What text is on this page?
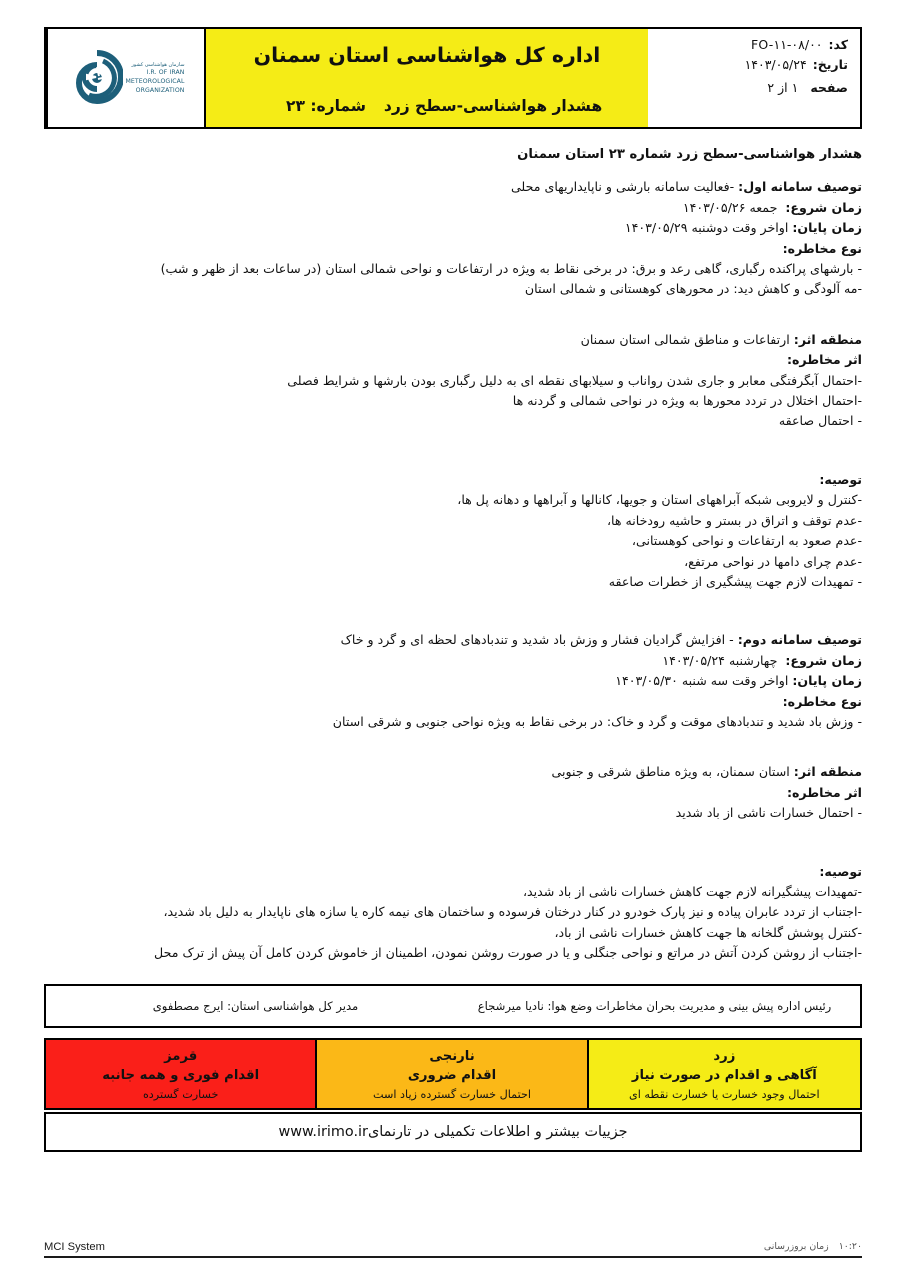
کد:
FO-۱۱-۰۸/۰۰
تاریخ:
۱۴۰۳/۰۵/۲۴
صفحه
۱ از ۲
اداره کل هواشناسی استان سمنان
هشدار هواشناسی-سطح زرد
شماره: ۲۳
سازمان هواشناسی کشور
I.R. OF IRAN
METEOROLOGICAL
ORGANIZATION
هشدار هواشناسی-سطح زرد شماره ۲۳ استان سمنان
توصیف سامانه اول: -فعالیت سامانه بارشی و ناپایداریهای محلی
زمان شروع:  جمعه ۱۴۰۳/۰۵/۲۶
زمان پایان: اواخر وقت دوشنبه ۱۴۰۳/۰۵/۲۹
نوع مخاطره:
- بارشهای پراکنده رگباری، گاهی رعد و برق: در برخی نقاط به ویژه در ارتفاعات و نواحی شمالی استان (در ساعات بعد از ظهر و شب)
-مه آلودگی و کاهش دید: در محورهای کوهستانی و شمالی استان
منطقه اثر: ارتفاعات و مناطق شمالی استان سمنان
اثر مخاطره:
-احتمال آبگرفتگی معابر و جاری شدن رواناب و سیلابهای نقطه ای به دلیل رگباری بودن بارشها و شرایط فصلی
-احتمال اختلال در تردد محورها به ویژه در نواحی شمالی و گردنه ها
- احتمال صاعقه
توصیه:
-کنترل و لایروبی شبکه آبراههای استان و جویها، کانالها و آبراهها و دهانه پل ها،
-عدم توقف و اتراق در بستر و حاشیه رودخانه ها،
-عدم صعود به ارتفاعات و نواحی کوهستانی،
-عدم چرای دامها در نواحی مرتفع،
- تمهیدات لازم جهت پیشگیری از خطرات صاعقه
توصیف سامانه دوم: - افزایش گرادیان فشار و وزش باد شدید و تندبادهای لحظه ای و گرد و خاک
زمان شروع:  چهارشنبه ۱۴۰۳/۰۵/۲۴
زمان پایان: اواخر وقت سه شنبه ۱۴۰۳/۰۵/۳۰
نوع مخاطره:
- وزش باد شدید و تندبادهای موقت و گرد و خاک: در برخی نقاط به ویژه نواحی جنوبی و شرقی استان
منطقه اثر: استان سمنان، به ویژه مناطق شرقی و جنوبی
اثر مخاطره:
- احتمال خسارات ناشی از باد شدید
توصیه:
-تمهیدات پیشگیرانه لازم جهت کاهش خسارات ناشی از باد شدید،
-اجتناب از تردد عابران پیاده و نیز پارک خودرو در کنار درختان فرسوده و ساختمان های نیمه کاره یا سازه های ناپایدار به دلیل باد شدید،
-کنترل پوشش گلخانه ها جهت کاهش خسارات ناشی از باد،
-اجتناب از روشن کردن آتش در مراتع و نواحی جنگلی و یا در صورت روشن نمودن، اطمینان از خاموش کردن کامل آن پیش از ترک محل
رئیس اداره پیش بینی و مدیریت بحران مخاطرات وضع هوا: نادیا میرشجاع
مدیر کل هواشناسی استان: ایرج مصطفوی
زرد
آگاهی و اقدام در صورت نیاز
احتمال وجود خسارت یا خسارت نقطه ای
نارنجی
اقدام ضروری
احتمال خسارت گسترده زیاد است
قرمز
اقدام فوری و همه جانبه
خسارت گسترده
جزییات بیشتر و اطلاعات تکمیلی در تارنمای
www.irimo.ir
MCI System	۱۰:۲۰
زمان بروزرسانی
